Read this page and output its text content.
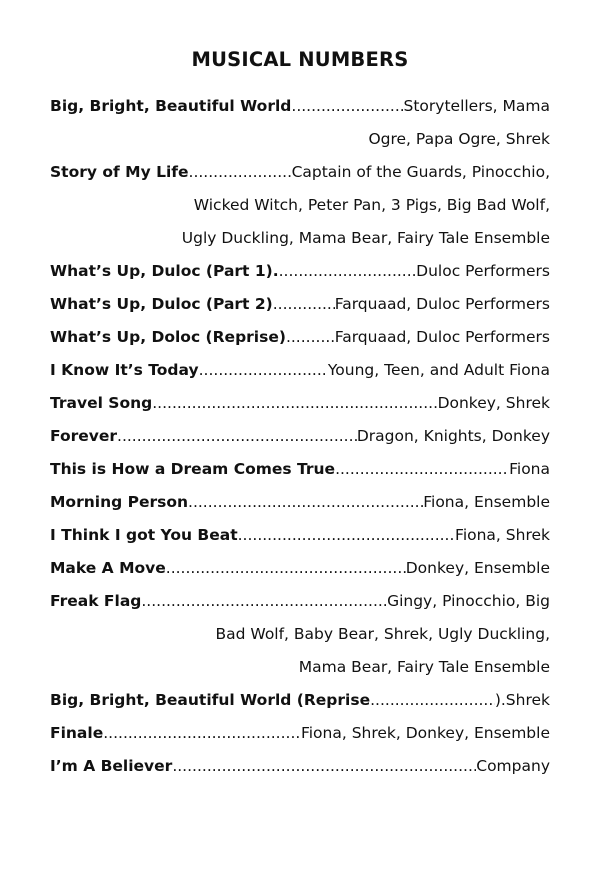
MUSICAL NUMBERS
Big, Bright, Beautiful World .....	Storytellers, Mama
Ogre, Papa Ogre, Shrek
Story of My Life .....	Captain of the Guards, Pinocchio,
Wicked Witch, Peter Pan, 3 Pigs, Big Bad Wolf,
Ugly Duckling, Mama Bear, Fairy Tale Ensemble
What’s Up, Duloc (Part 1). .....	Duloc Performers
What’s Up, Duloc (Part 2) .....	Farquaad, Duloc Performers
What’s Up, Doloc (Reprise) .....	Farquaad, Duloc Performers
I Know It’s Today .....	Young, Teen, and Adult Fiona
Travel Song .....	Donkey, Shrek
Forever .....	Dragon, Knights, Donkey
This is How a Dream Comes True .....	Fiona
Morning Person .....	Fiona, Ensemble
I Think I got You Beat .....	Fiona, Shrek
Make A Move .....	Donkey, Ensemble
Freak Flag .....	Gingy, Pinocchio, Big
Bad Wolf, Baby Bear, Shrek, Ugly Duckling,
Mama Bear, Fairy Tale Ensemble
Big, Bright, Beautiful World (Reprise .....	).Shrek
Finale .....	Fiona, Shrek, Donkey, Ensemble
I’m A Believer .....	Company
